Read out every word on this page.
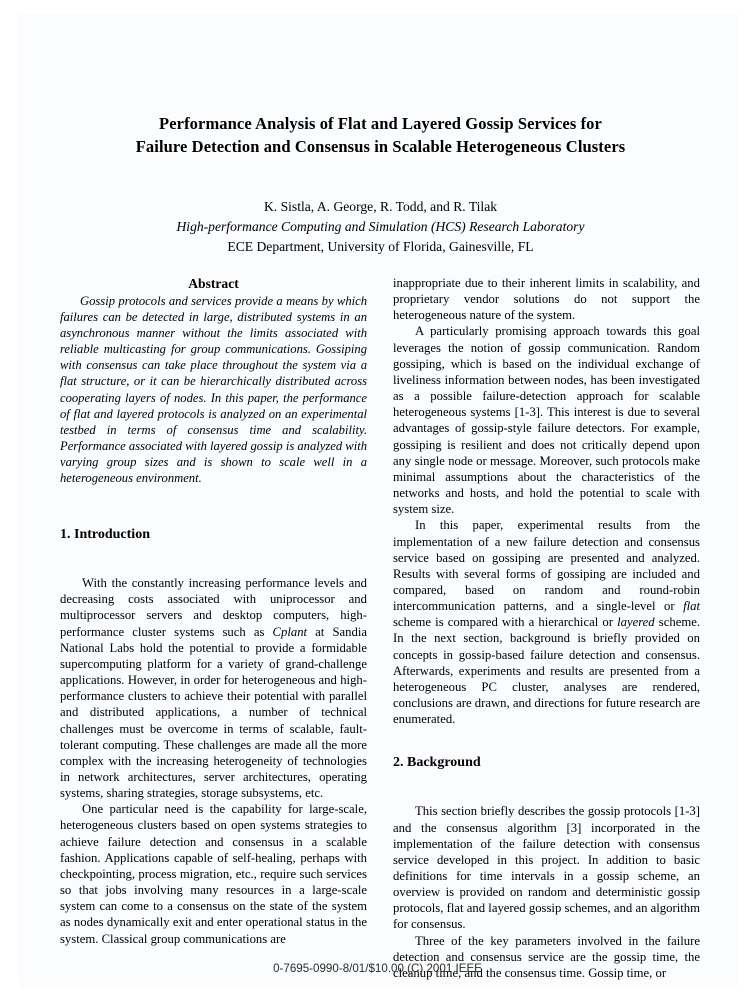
Performance Analysis of Flat and Layered Gossip Services for
Failure Detection and Consensus in Scalable Heterogeneous Clusters
K. Sistla, A. George, R. Todd, and R. Tilak
High-performance Computing and Simulation (HCS) Research Laboratory
ECE Department, University of Florida, Gainesville, FL
Abstract

Gossip protocols and services provide a means by which failures can be detected in large, distributed systems in an asynchronous manner without the limits associated with reliable multicasting for group communications. Gossiping with consensus can take place throughout the system via a flat structure, or it can be hierarchically distributed across cooperating layers of nodes. In this paper, the performance of flat and layered protocols is analyzed on an experimental testbed in terms of consensus time and scalability. Performance associated with layered gossip is analyzed with varying group sizes and is shown to scale well in a heterogeneous environment.

1. Introduction

With the constantly increasing performance levels and decreasing costs associated with uniprocessor and multiprocessor servers and desktop computers, high-performance cluster systems such as Cplant at Sandia National Labs hold the potential to provide a formidable supercomputing platform for a variety of grand-challenge applications. However, in order for heterogeneous and high-performance clusters to achieve their potential with parallel and distributed applications, a number of technical challenges must be overcome in terms of scalable, fault-tolerant computing. These challenges are made all the more complex with the increasing heterogeneity of technologies in network architectures, server architectures, operating systems, sharing strategies, storage subsystems, etc.

One particular need is the capability for large-scale, heterogeneous clusters based on open systems strategies to achieve failure detection and consensus in a scalable fashion. Applications capable of self-healing, perhaps with checkpointing, process migration, etc., require such services so that jobs involving many resources in a large-scale system can come to a consensus on the state of the system as nodes dynamically exit and enter operational status in the system. Classical group communications are

inappropriate due to their inherent limits in scalability, and proprietary vendor solutions do not support the heterogeneous nature of the system.

A particularly promising approach towards this goal leverages the notion of gossip communication. Random gossiping, which is based on the individual exchange of liveliness information between nodes, has been investigated as a possible failure-detection approach for scalable heterogeneous systems [1-3]. This interest is due to several advantages of gossip-style failure detectors. For example, gossiping is resilient and does not critically depend upon any single node or message. Moreover, such protocols make minimal assumptions about the characteristics of the networks and hosts, and hold the potential to scale with system size.

In this paper, experimental results from the implementation of a new failure detection and consensus service based on gossiping are presented and analyzed. Results with several forms of gossiping are included and compared, based on random and round-robin intercommunication patterns, and a single-level or flat scheme is compared with a hierarchical or layered scheme. In the next section, background is briefly provided on concepts in gossip-based failure detection and consensus. Afterwards, experiments and results are presented from a heterogeneous PC cluster, analyses are rendered, conclusions are drawn, and directions for future research are enumerated.

2. Background

This section briefly describes the gossip protocols [1-3] and the consensus algorithm [3] incorporated in the implementation of the failure detection with consensus service developed in this project. In addition to basic definitions for time intervals in a gossip scheme, an overview is provided on random and deterministic gossip protocols, flat and layered gossip schemes, and an algorithm for consensus.

Three of the key parameters involved in the failure detection and consensus service are the gossip time, the cleanup time, and the consensus time. Gossip time, or

0-7695-0990-8/01/$10.00 (C) 2001 IEEE
